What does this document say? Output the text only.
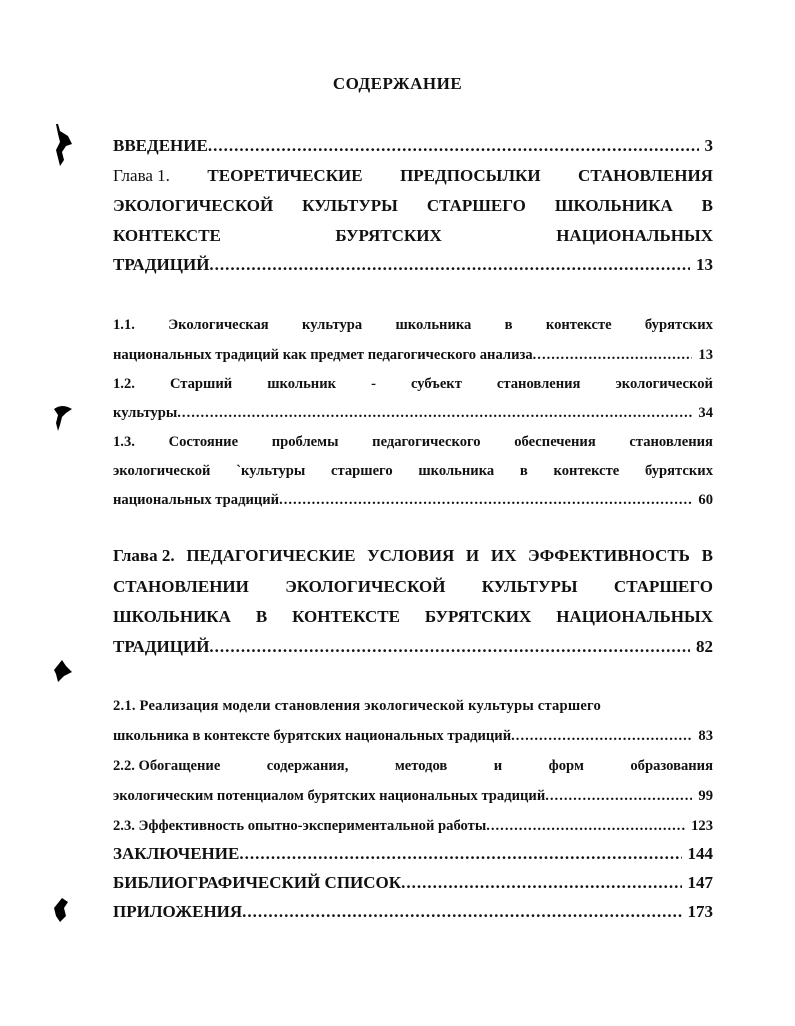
СОДЕРЖАНИЕ
ВВЕДЕНИЕ .....	3
Глава 1. ТЕОРЕТИЧЕСКИЕ ПРЕДПОСЫЛКИ СТАНОВЛЕНИЯ
ЭКОЛОГИЧЕСКОЙ КУЛЬТУРЫ СТАРШЕГО ШКОЛЬНИКА В
КОНТЕКСТЕ	БУРЯТСКИХ	НАЦИОНАЛЬНЫХ
ТРАДИЦИЙ .....	13
1.1. Экологическая культура школьника в контексте бурятских
национальных традиций как предмет педагогического анализа .....	13
1.2. Старший школьник - субъект становления экологической
культуры .....	34
1.3. Состояние проблемы педагогического обеспечения становления
экологической `культуры старшего школьника в контексте бурятских
национальных традиций .....	60
Глава 2. ПЕДАГОГИЧЕСКИЕ УСЛОВИЯ И ИХ ЭФФЕКТИВНОСТЬ В
СТАНОВЛЕНИИ ЭКОЛОГИЧЕСКОЙ КУЛЬТУРЫ СТАРШЕГО
ШКОЛЬНИКА В КОНТЕКСТЕ БУРЯТСКИХ НАЦИОНАЛЬНЫХ
ТРАДИЦИЙ .....	82
2.1. Реализация модели становления экологической культуры старшего
школьника в контексте бурятских национальных традиций .....	83
2.2. Обогащение	содержания,	методов	и	форм	образования
экологическим потенциалом бурятских национальных традиций .....	99
2.3. Эффективность опытно-экспериментальной работы .....	123
ЗАКЛЮЧЕНИЕ .....	144
БИБЛИОГРАФИЧЕСКИЙ СПИСОК .....	147
ПРИЛОЖЕНИЯ .....	173
